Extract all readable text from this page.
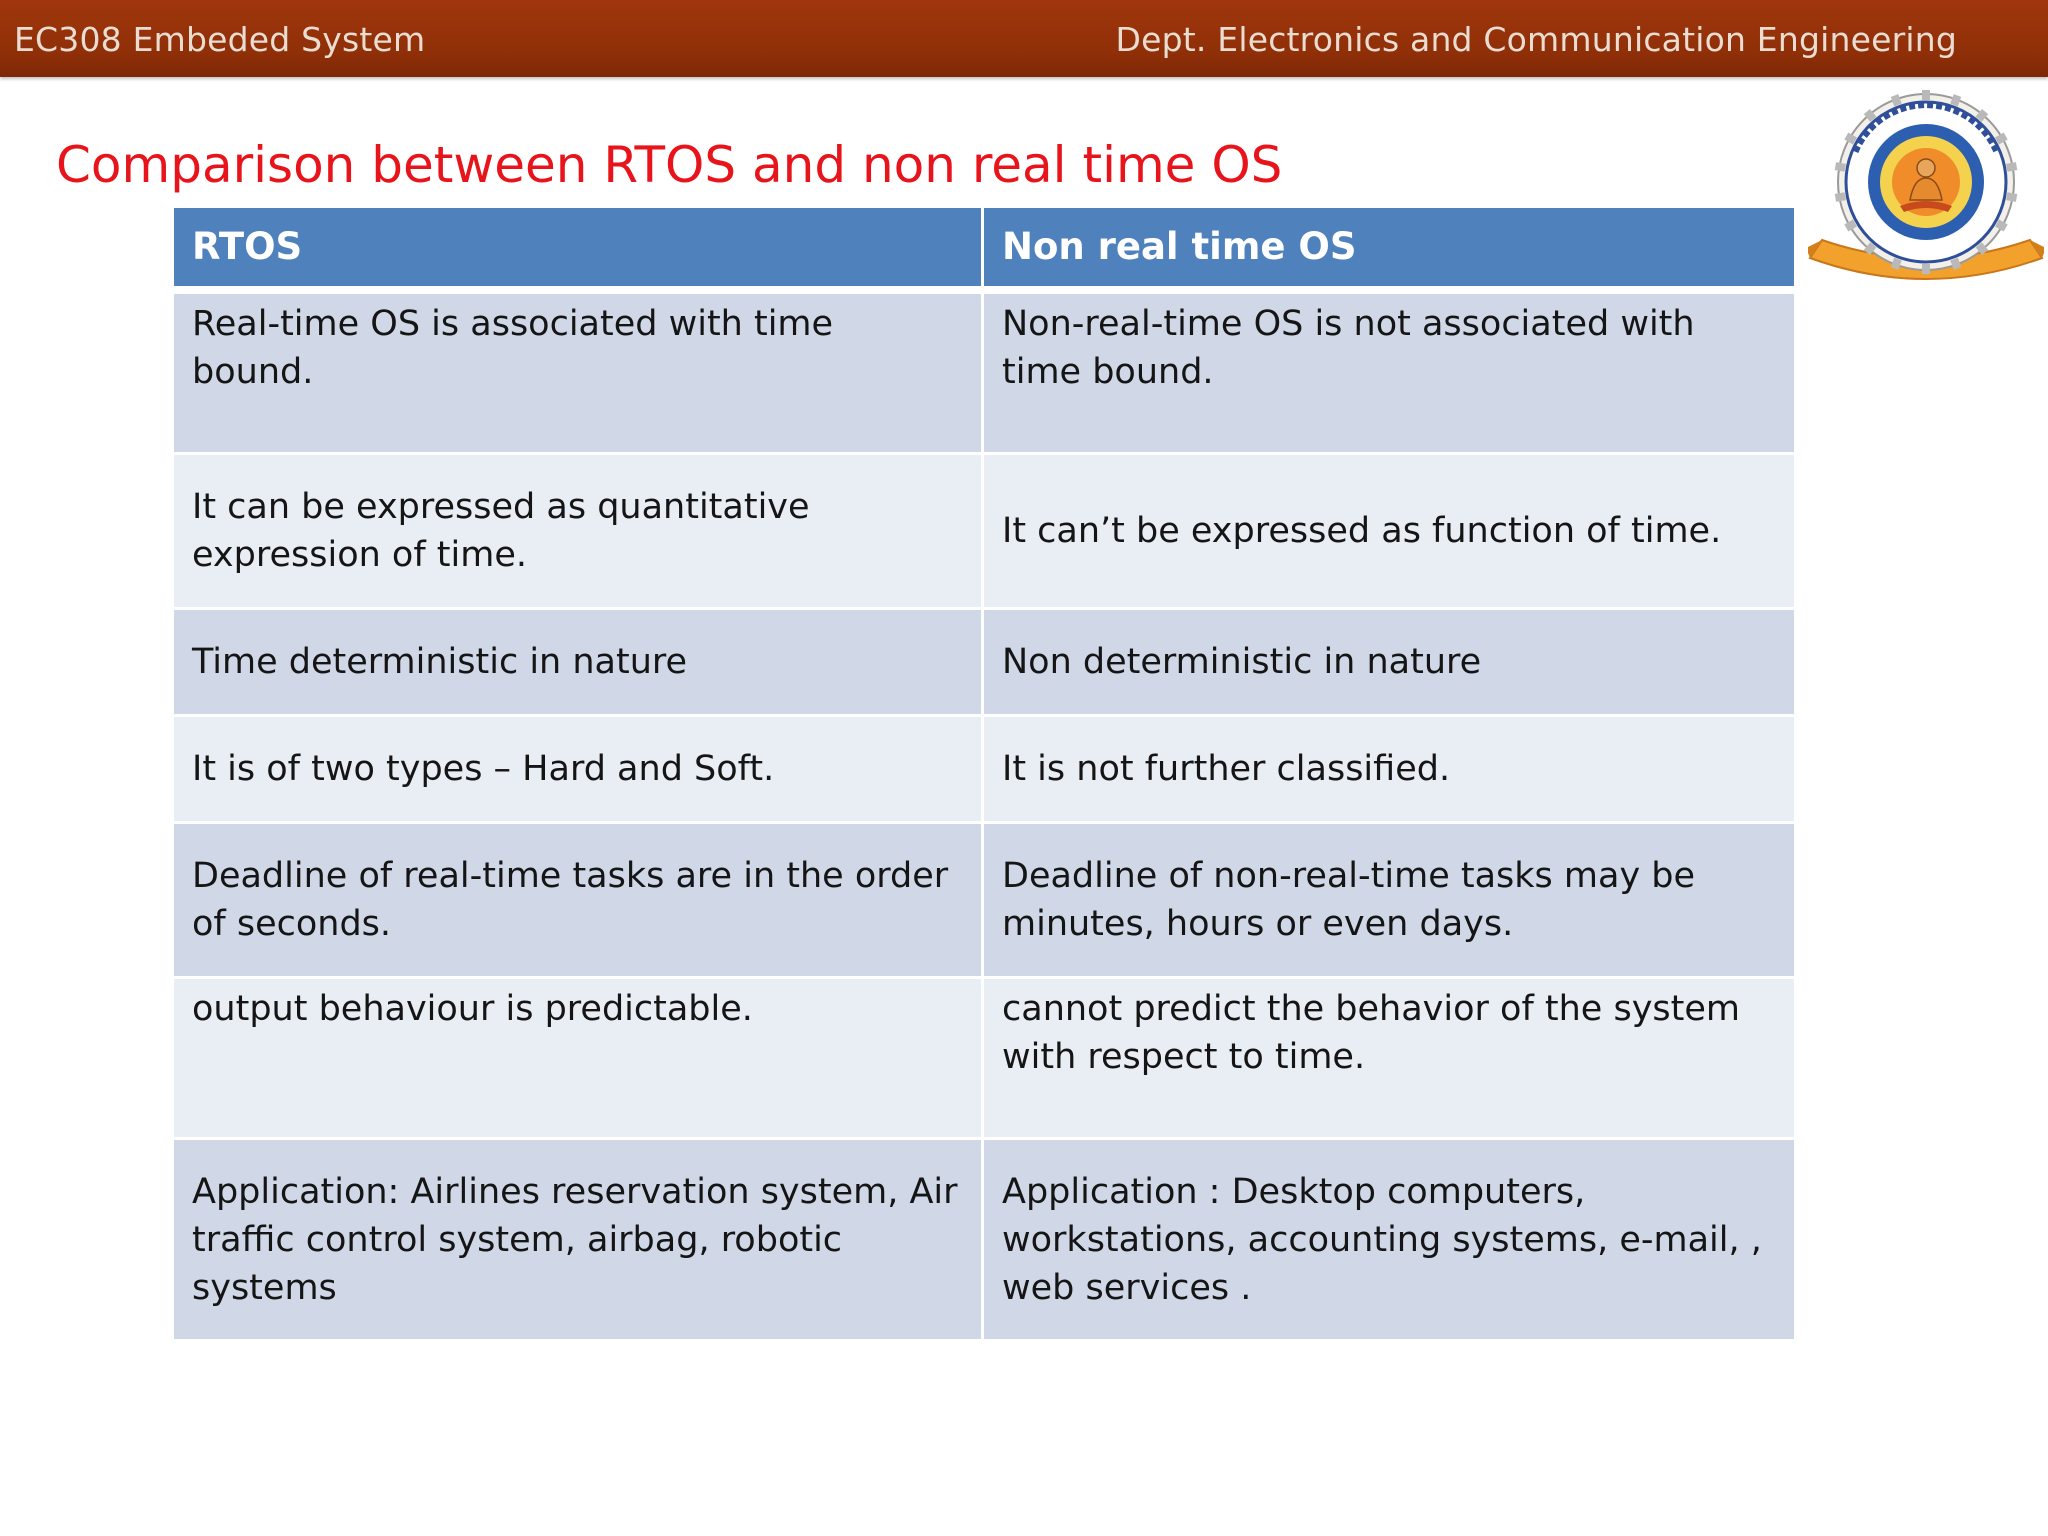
EC308 Embeded System	Dept. Electronics and Communication Engineering
Comparison between RTOS and non real time OS
RTOS	Non real time OS
Real-time OS is associated with time bound.	Non-real-time OS is not associated with time bound.
It can be expressed as quantitative expression of time.	It can’t be expressed as function of time.
Time deterministic in nature	Non deterministic in nature
It is of two types – Hard and Soft.	It is not further classified.
Deadline of real-time tasks are in the order of seconds.	Deadline of non-real-time tasks may be minutes, hours or even days.
output behaviour is predictable.	cannot predict the behavior of the system with respect to time.
Application: Airlines reservation system, Air traffic control system, airbag, robotic systems	Application : Desktop computers, workstations, accounting systems, e-mail, , web services .
